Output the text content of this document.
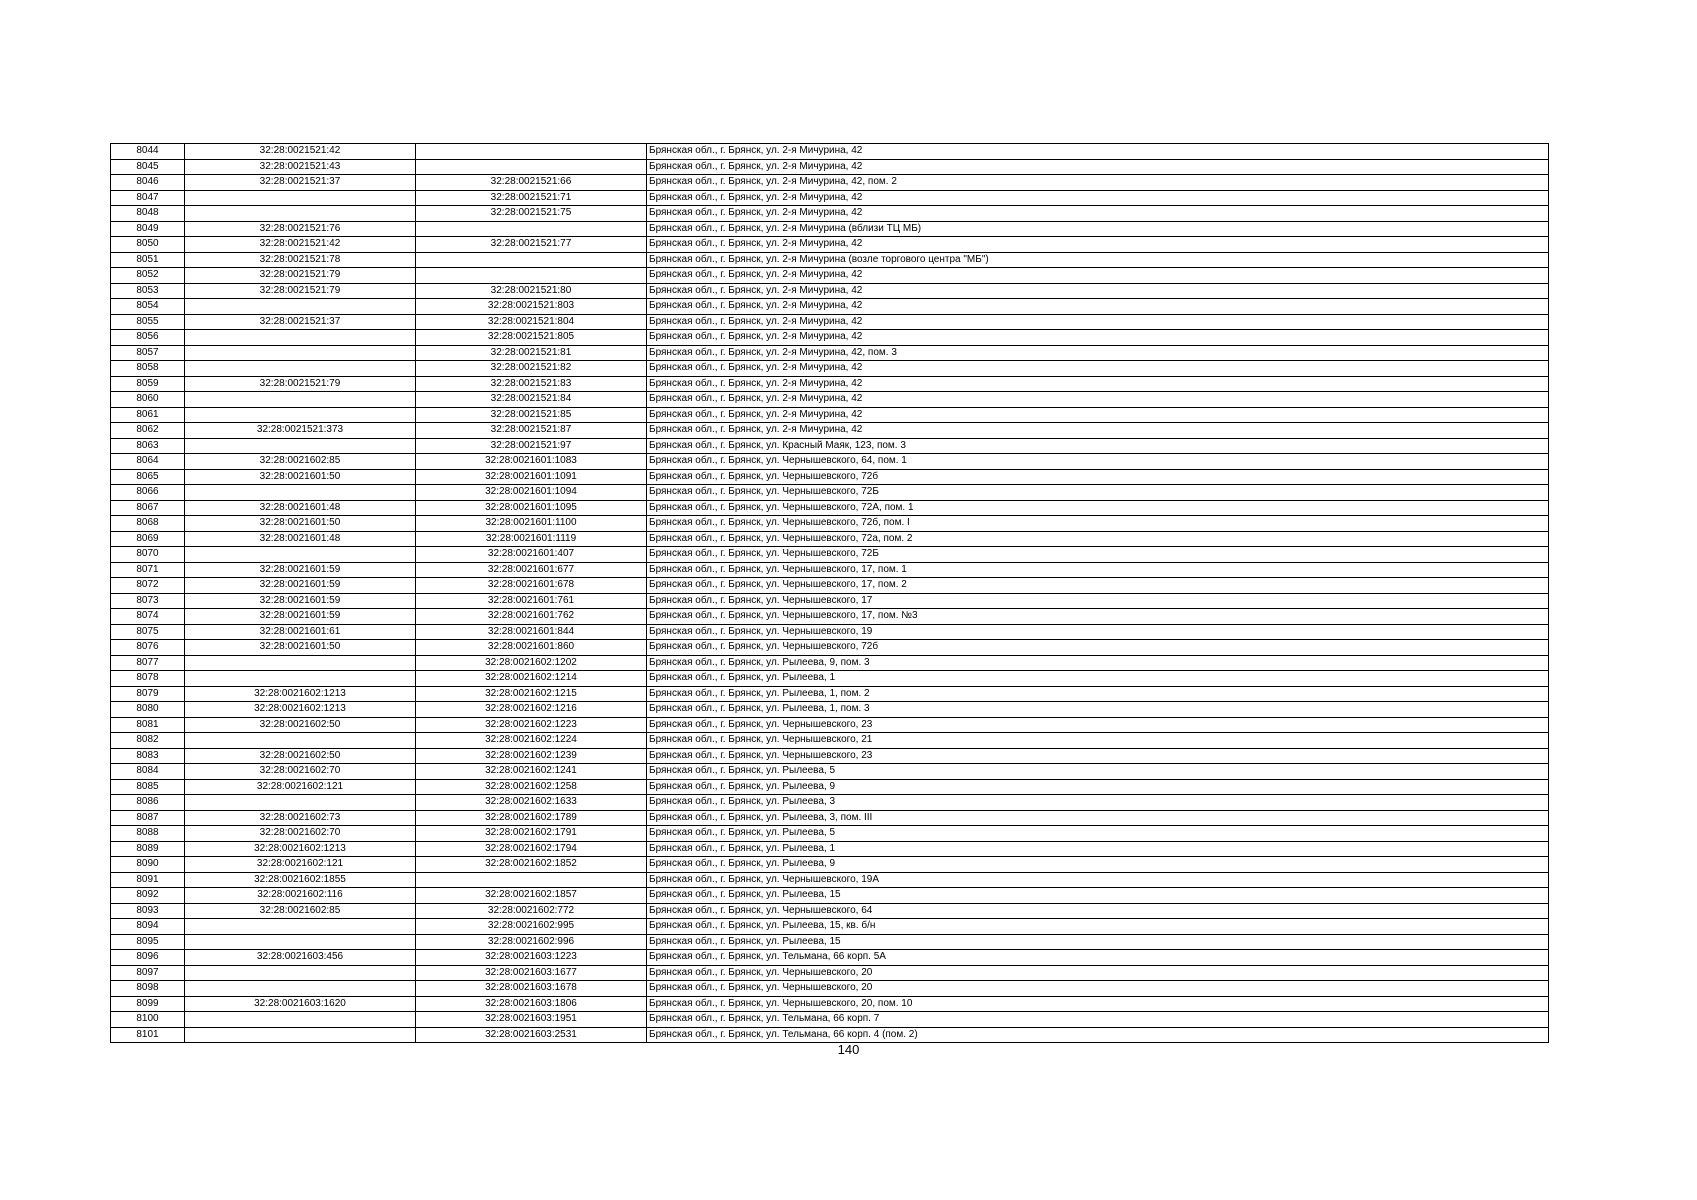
8044	32:28:0021521:42		Брянская обл., г. Брянск, ул. 2-я Мичурина, 42
8045	32:28:0021521:43		Брянская обл., г. Брянск, ул. 2-я Мичурина, 42
8046	32:28:0021521:37	32:28:0021521:66	Брянская обл., г. Брянск, ул. 2-я Мичурина, 42, пом. 2
8047		32:28:0021521:71	Брянская обл., г. Брянск, ул. 2-я Мичурина, 42
8048		32:28:0021521:75	Брянская обл., г. Брянск, ул. 2-я Мичурина, 42
8049	32:28:0021521:76		Брянская обл., г. Брянск, ул. 2-я Мичурина (вблизи ТЦ МБ)
8050	32:28:0021521:42	32:28:0021521:77	Брянская обл., г. Брянск, ул. 2-я Мичурина, 42
8051	32:28:0021521:78		Брянская обл., г. Брянск, ул. 2-я Мичурина (возле торгового центра "МБ")
8052	32:28:0021521:79		Брянская обл., г. Брянск, ул. 2-я Мичурина, 42
8053	32:28:0021521:79	32:28:0021521:80	Брянская обл., г. Брянск, ул. 2-я Мичурина, 42
8054		32:28:0021521:803	Брянская обл., г. Брянск, ул. 2-я Мичурина, 42
8055	32:28:0021521:37	32:28:0021521:804	Брянская обл., г. Брянск, ул. 2-я Мичурина, 42
8056		32:28:0021521:805	Брянская обл., г. Брянск, ул. 2-я Мичурина, 42
8057		32:28:0021521:81	Брянская обл., г. Брянск, ул. 2-я Мичурина, 42, пом. 3
8058		32:28:0021521:82	Брянская обл., г. Брянск, ул. 2-я Мичурина, 42
8059	32:28:0021521:79	32:28:0021521:83	Брянская обл., г. Брянск, ул. 2-я Мичурина, 42
8060		32:28:0021521:84	Брянская обл., г. Брянск, ул. 2-я Мичурина, 42
8061		32:28:0021521:85	Брянская обл., г. Брянск, ул. 2-я Мичурина, 42
8062	32:28:0021521:373	32:28:0021521:87	Брянская обл., г. Брянск, ул. 2-я Мичурина, 42
8063		32:28:0021521:97	Брянская обл., г. Брянск, ул. Красный Маяк, 123, пом. 3
8064	32:28:0021602:85	32:28:0021601:1083	Брянская обл., г. Брянск, ул. Чернышевского, 64, пом. 1
8065	32:28:0021601:50	32:28:0021601:1091	Брянская обл., г. Брянск, ул. Чернышевского, 72б
8066		32:28:0021601:1094	Брянская обл., г. Брянск, ул. Чернышевского, 72Б
8067	32:28:0021601:48	32:28:0021601:1095	Брянская обл., г. Брянск, ул. Чернышевского, 72А, пом. 1
8068	32:28:0021601:50	32:28:0021601:1100	Брянская обл., г. Брянск, ул. Чернышевского, 72б, пом. I
8069	32:28:0021601:48	32:28:0021601:1119	Брянская обл., г. Брянск, ул. Чернышевского, 72а, пом. 2
8070		32:28:0021601:407	Брянская обл., г. Брянск, ул. Чернышевского, 72Б
8071	32:28:0021601:59	32:28:0021601:677	Брянская обл., г. Брянск, ул. Чернышевского, 17, пом. 1
8072	32:28:0021601:59	32:28:0021601:678	Брянская обл., г. Брянск, ул. Чернышевского, 17, пом. 2
8073	32:28:0021601:59	32:28:0021601:761	Брянская обл., г. Брянск, ул. Чернышевского, 17
8074	32:28:0021601:59	32:28:0021601:762	Брянская обл., г. Брянск, ул. Чернышевского, 17, пом. №3
8075	32:28:0021601:61	32:28:0021601:844	Брянская обл., г. Брянск, ул. Чернышевского, 19
8076	32:28:0021601:50	32:28:0021601:860	Брянская обл., г. Брянск, ул. Чернышевского, 72б
8077		32:28:0021602:1202	Брянская обл., г. Брянск, ул. Рылеева, 9, пом. 3
8078		32:28:0021602:1214	Брянская обл., г. Брянск, ул. Рылеева, 1
8079	32:28:0021602:1213	32:28:0021602:1215	Брянская обл., г. Брянск, ул. Рылеева, 1, пом. 2
8080	32:28:0021602:1213	32:28:0021602:1216	Брянская обл., г. Брянск, ул. Рылеева, 1, пом. 3
8081	32:28:0021602:50	32:28:0021602:1223	Брянская обл., г. Брянск, ул. Чернышевского, 23
8082		32:28:0021602:1224	Брянская обл., г. Брянск, ул. Чернышевского, 21
8083	32:28:0021602:50	32:28:0021602:1239	Брянская обл., г. Брянск, ул. Чернышевского, 23
8084	32:28:0021602:70	32:28:0021602:1241	Брянская обл., г. Брянск, ул. Рылеева, 5
8085	32:28:0021602:121	32:28:0021602:1258	Брянская обл., г. Брянск, ул. Рылеева, 9
8086		32:28:0021602:1633	Брянская обл., г. Брянск, ул. Рылеева, 3
8087	32:28:0021602:73	32:28:0021602:1789	Брянская обл., г. Брянск, ул. Рылеева, 3, пом. III
8088	32:28:0021602:70	32:28:0021602:1791	Брянская обл., г. Брянск, ул. Рылеева, 5
8089	32:28:0021602:1213	32:28:0021602:1794	Брянская обл., г. Брянск, ул. Рылеева, 1
8090	32:28:0021602:121	32:28:0021602:1852	Брянская обл., г. Брянск, ул. Рылеева, 9
8091	32:28:0021602:1855		Брянская обл., г. Брянск, ул. Чернышевского, 19А
8092	32:28:0021602:116	32:28:0021602:1857	Брянская обл., г. Брянск, ул. Рылеева, 15
8093	32:28:0021602:85	32:28:0021602:772	Брянская обл., г. Брянск, ул. Чернышевского, 64
8094		32:28:0021602:995	Брянская обл., г. Брянск, ул. Рылеева, 15, кв. б/н
8095		32:28:0021602:996	Брянская обл., г. Брянск, ул. Рылеева, 15
8096	32:28:0021603:456	32:28:0021603:1223	Брянская обл., г. Брянск, ул. Тельмана, 66 корп. 5А
8097		32:28:0021603:1677	Брянская обл., г. Брянск, ул. Чернышевского, 20
8098		32:28:0021603:1678	Брянская обл., г. Брянск, ул. Чернышевского, 20
8099	32:28:0021603:1620	32:28:0021603:1806	Брянская обл., г. Брянск, ул. Чернышевского, 20, пом. 10
8100		32:28:0021603:1951	Брянская обл., г. Брянск, ул. Тельмана, 66 корп. 7
8101		32:28:0021603:2531	Брянская обл., г. Брянск, ул. Тельмана, 66 корп. 4 (пом. 2)
140
